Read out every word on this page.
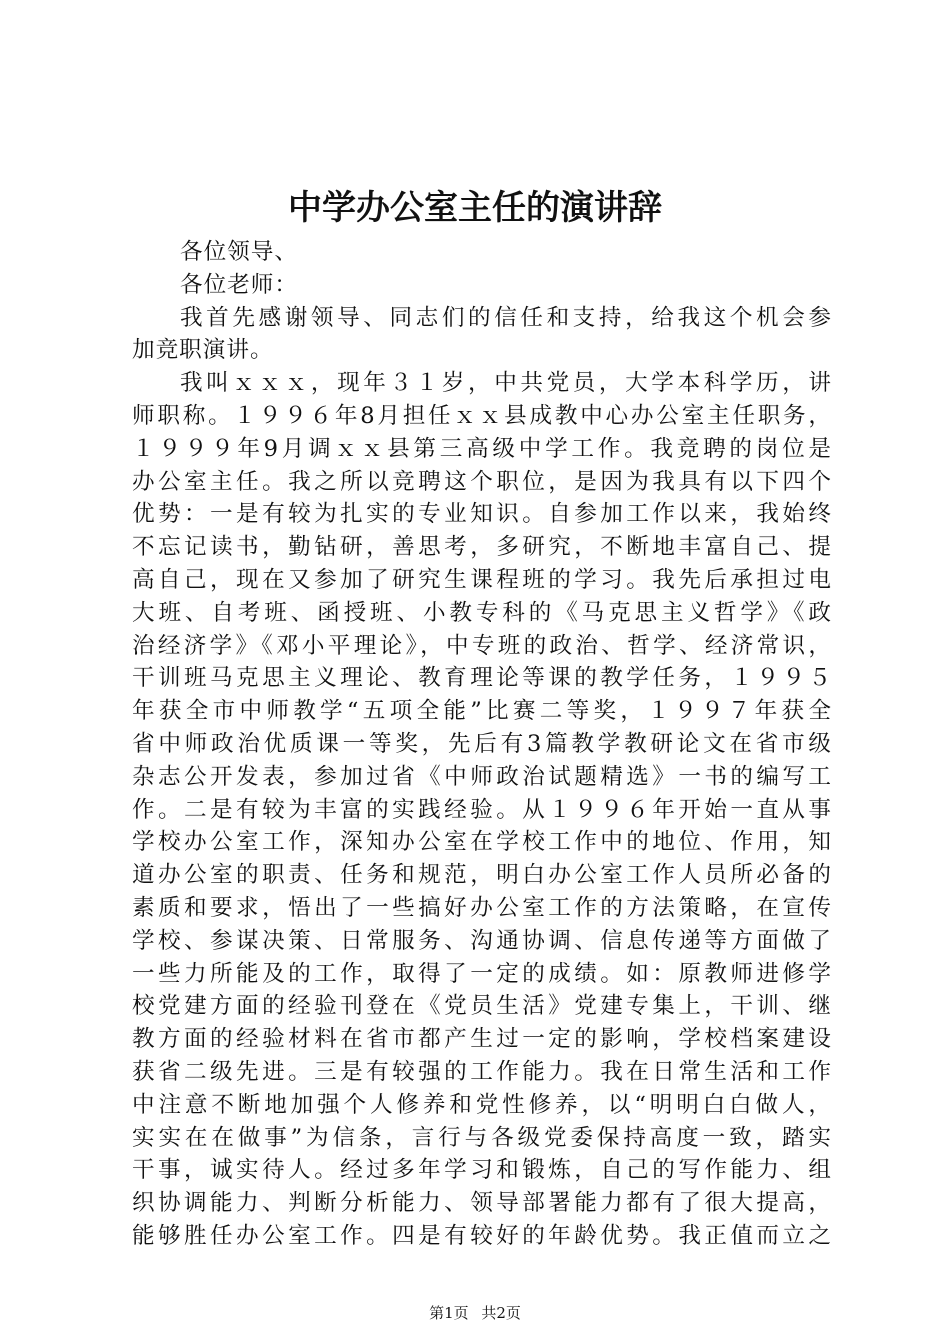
中学办公室主任的演讲辞
各位领导、
各位老师：
我首先感谢领导、同志们的信任和支持，给我这个机会参
加竞职演讲。
我叫ｘｘｘ，现年３１岁，中共党员，大学本科学历，讲
师职称。１９９６年8月担任ｘｘ县成教中心办公室主任职务，
１９９９年9月调ｘｘ县第三高级中学工作。我竞聘的岗位是
办公室主任。我之所以竞聘这个职位，是因为我具有以下四个
优势：一是有较为扎实的专业知识。自参加工作以来，我始终
不忘记读书，勤钻研，善思考，多研究，不断地丰富自己、提
高自己，现在又参加了研究生课程班的学习。我先后承担过电
大班、自考班、函授班、小教专科的《马克思主义哲学》《政
治经济学》《邓小平理论》，中专班的政治、哲学、经济常识，
干训班马克思主义理论、教育理论等课的教学任务，１９９５
年获全市中师教学“五项全能”比赛二等奖，１９９７年获全
省中师政治优质课一等奖，先后有3篇教学教研论文在省市级
杂志公开发表，参加过省《中师政治试题精选》一书的编写工
作。二是有较为丰富的实践经验。从１９９６年开始一直从事
学校办公室工作，深知办公室在学校工作中的地位、作用，知
道办公室的职责、任务和规范，明白办公室工作人员所必备的
素质和要求，悟出了一些搞好办公室工作的方法策略，在宣传
学校、参谋决策、日常服务、沟通协调、信息传递等方面做了
一些力所能及的工作，取得了一定的成绩。如：原教师进修学
校党建方面的经验刊登在《党员生活》党建专集上，干训、继
教方面的经验材料在省市都产生过一定的影响，学校档案建设
获省二级先进。三是有较强的工作能力。我在日常生活和工作
中注意不断地加强个人修养和党性修养，以“明明白白做人，
实实在在做事”为信条，言行与各级党委保持高度一致，踏实
干事，诚实待人。经过多年学习和锻炼，自己的写作能力、组
织协调能力、判断分析能力、领导部署能力都有了很大提高，
能够胜任办公室工作。四是有较好的年龄优势。我正值而立之
第1页 共2页
